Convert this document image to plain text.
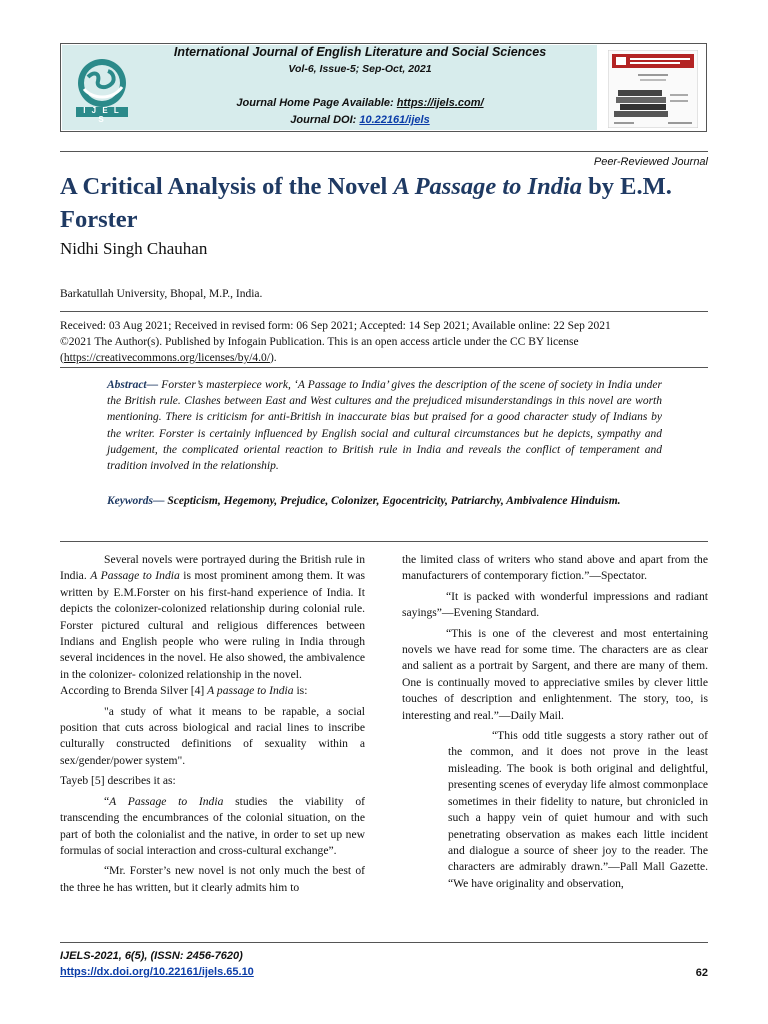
I J E L S
International Journal of English Literature and Social Sciences
Vol-6, Issue-5; Sep-Oct, 2021
Journal Home Page Available: https://ijels.com/
Journal DOI: 10.22161/ijels
Peer-Reviewed Journal
A Critical Analysis of the Novel A Passage to India by E.M. Forster
Nidhi Singh Chauhan
Barkatullah University, Bhopal, M.P., India.
Received: 03 Aug 2021; Received in revised form: 06 Sep 2021; Accepted: 14 Sep 2021; Available online: 22 Sep 2021
©2021 The Author(s). Published by Infogain Publication. This is an open access article under the CC BY license
(https://creativecommons.org/licenses/by/4.0/).
Abstract— Forster’s masterpiece work, ‘A Passage to India’ gives the description of the scene of society in India under the British rule. Clashes between East and West cultures and the prejudiced misunderstandings in this novel are worth mentioning. There is criticism for anti-British in inaccurate bias but praised for a good character study of Indians by the writer. Forster is certainly influenced by English social and cultural circumstances but he depicts, sympathy and judgement, the complicated oriental reaction to British rule in India and reveals the conflict of temperament and tradition involved in the relationship.
Keywords— Scepticism, Hegemony, Prejudice, Colonizer, Egocentricity, Patriarchy, Ambivalence Hinduism.

Several novels were portrayed during the British rule in India. A Passage to India is most prominent among them. It was written by E.M.Forster on his first-hand experience of India. It depicts the colonizer-colonized relationship during colonial rule. Forster pictured cultural and religious differences between Indians and English people who were ruling in India through several incidences in the novel. He also showed, the ambivalence in the colonizer- colonized relationship in the novel.

According to Brenda Silver [4] A passage to India is:

"a study of what it means to be rapable, a social position that cuts across biological and racial lines to inscribe culturally constructed definitions of sexuality within a sex/gender/power system".

Tayeb [5] describes it as:

“A Passage to India studies the viability of transcending the encumbrances of the colonial situation, on the part of both the colonialist and the native, in order to set up new formulas of social interaction and cross-cultural exchange”.

“Mr. Forster’s new novel is not only much the best of the three he has written, but it clearly admits him to

the limited class of writers who stand above and apart from the manufacturers of contemporary fiction.”—Spectator.

“It is packed with wonderful impressions and radiant sayings”—Evening Standard.

“This is one of the cleverest and most entertaining novels we have read for some time. The characters are as clear and salient as a portrait by Sargent, and there are many of them. One is continually moved to appreciative smiles by clever little touches of description and enlightenment. The story, too, is interesting and real.”—Daily Mail.

“This odd title suggests a story rather out of the common, and it does not prove in the least misleading. The book is both original and delightful, presenting scenes of everyday life almost commonplace sometimes in their fidelity to nature, but chronicled in such a happy vein of quiet humour and with such penetrating observation as makes each little incident and dialogue a source of sheer joy to the reader. The characters are admirably drawn.”—Pall Mall Gazette. “We have originality and observation,

IJELS-2021, 6(5), (ISSN: 2456-7620)
https://dx.doi.org/10.22161/ijels.65.10	62
